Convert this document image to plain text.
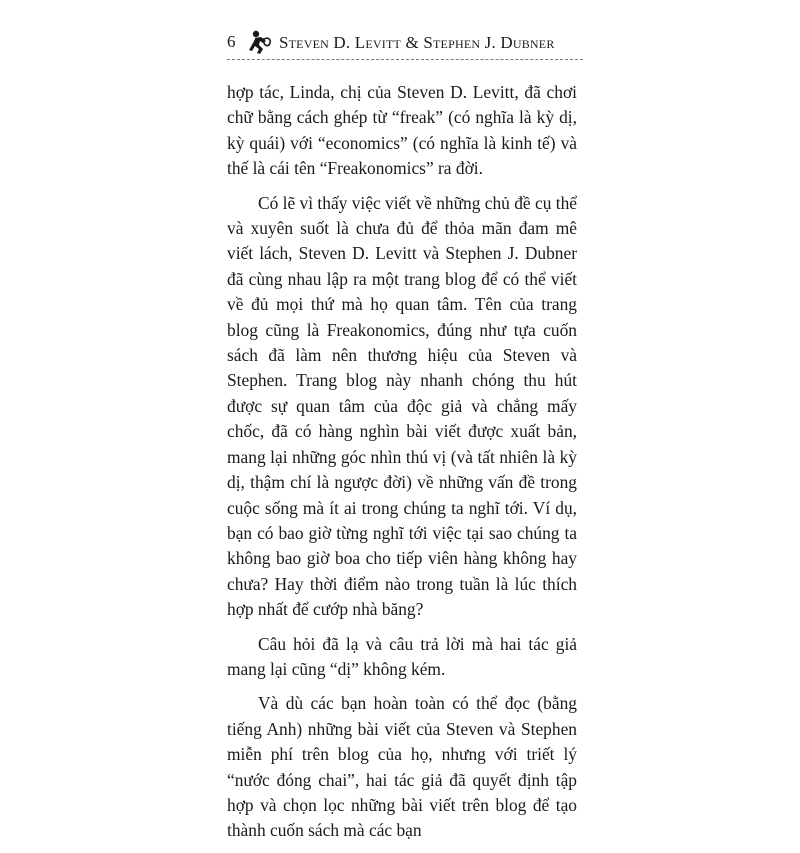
6	Steven D. Levitt & Stephen J. Dubner

hợp tác, Linda, chị của Steven D. Levitt, đã chơi chữ bằng cách ghép từ “freak” (có nghĩa là kỳ dị, kỳ quái) với “economics” (có nghĩa là kinh tế) và thế là cái tên “Freakonomics” ra đời.

Có lẽ vì thấy việc viết về những chủ đề cụ thể và xuyên suốt là chưa đủ để thỏa mãn đam mê viết lách, Steven D. Levitt và Stephen J. Dubner đã cùng nhau lập ra một trang blog để có thể viết về đủ mọi thứ mà họ quan tâm. Tên của trang blog cũng là Freakonomics, đúng như tựa cuốn sách đã làm nên thương hiệu của Steven và Stephen. Trang blog này nhanh chóng thu hút được sự quan tâm của độc giả và chẳng mấy chốc, đã có hàng nghìn bài viết được xuất bản, mang lại những góc nhìn thú vị (và tất nhiên là kỳ dị, thậm chí là ngược đời) về những vấn đề trong cuộc sống mà ít ai trong chúng ta nghĩ tới. Ví dụ, bạn có bao giờ từng nghĩ tới việc tại sao chúng ta không bao giờ boa cho tiếp viên hàng không hay chưa? Hay thời điểm nào trong tuần là lúc thích hợp nhất để cướp nhà băng?

Câu hỏi đã lạ và câu trả lời mà hai tác giả mang lại cũng “dị” không kém.

Và dù các bạn hoàn toàn có thể đọc (bằng tiếng Anh) những bài viết của Steven và Stephen miễn phí trên blog của họ, nhưng với triết lý “nước đóng chai”, hai tác giả đã quyết định tập hợp và chọn lọc những bài viết trên blog để tạo thành cuốn sách mà các bạn
